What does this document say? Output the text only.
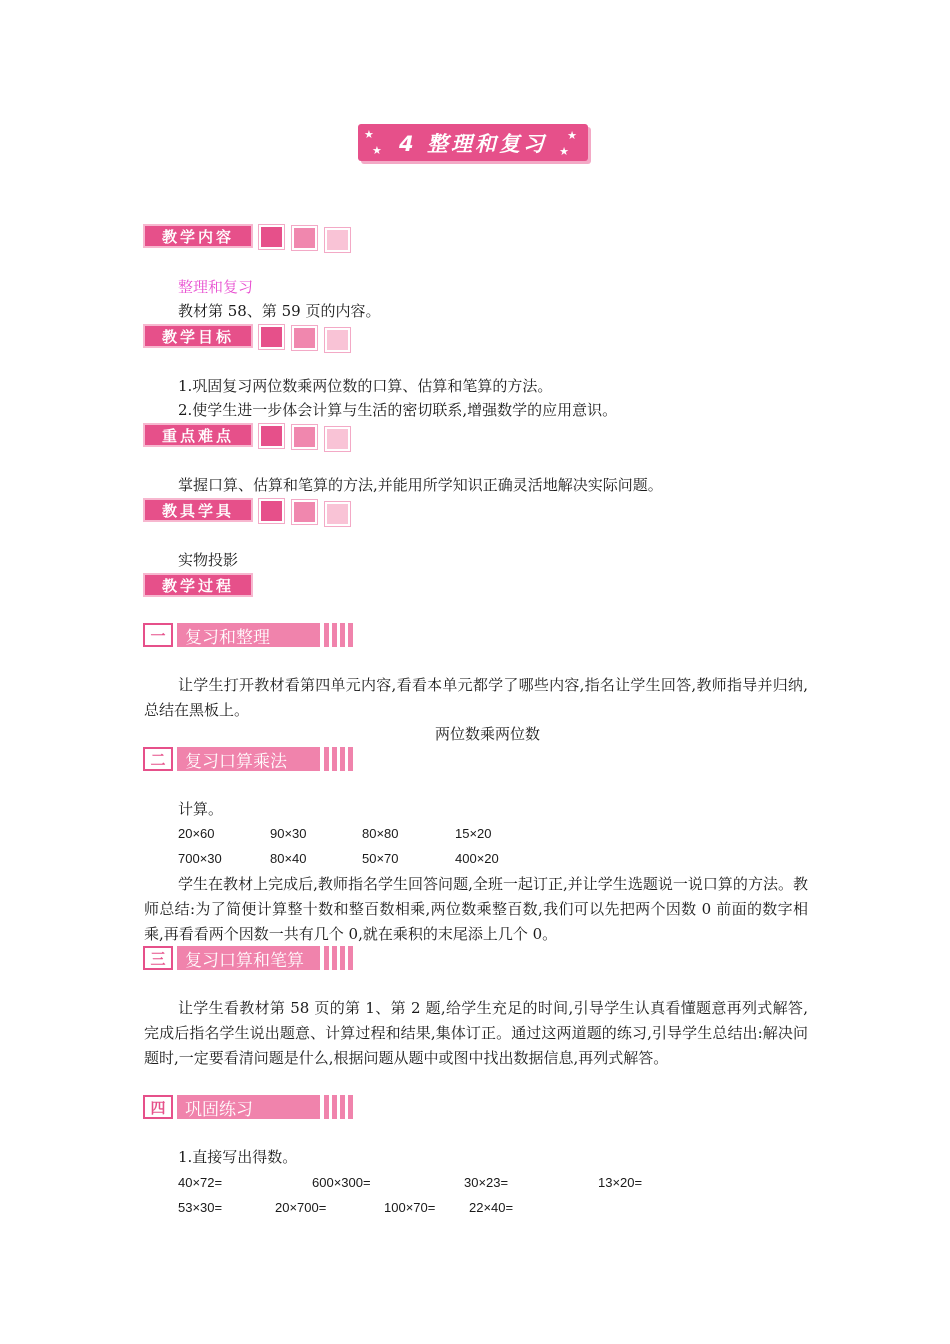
★
★
★
★
4 整理和复习
教学内容
整理和复习
教材第 58、第 59 页的内容。
教学目标
1.巩固复习两位数乘两位数的口算、估算和笔算的方法。
2.使学生进一步体会计算与生活的密切联系,增强数学的应用意识。
重点难点
掌握口算、估算和笔算的方法,并能用所学知识正确灵活地解决实际问题。
教具学具
实物投影
教学过程
一	复习和整理
让学生打开教材看第四单元内容,看看本单元都学了哪些内容,指名让学生回答,教师指导并归纳,总结在黑板上。
两位数乘两位数
二	复习口算乘法
计算。
20×60	90×30	80×80	15×20
700×30	80×40	50×70	400×20
学生在教材上完成后,教师指名学生回答问题,全班一起订正,并让学生选题说一说口算的方法。教师总结:为了简便计算整十数和整百数相乘,两位数乘整百数,我们可以先把两个因数 0 前面的数字相乘,再看看两个因数一共有几个 0,就在乘积的末尾添上几个 0。
三	复习口算和笔算
让学生看教材第 58 页的第 1、第 2 题,给学生充足的时间,引导学生认真看懂题意再列式解答,完成后指名学生说出题意、计算过程和结果,集体订正。通过这两道题的练习,引导学生总结出:解决问题时,一定要看清问题是什么,根据问题从题中或图中找出数据信息,再列式解答。
四	巩固练习
1.直接写出得数。
40×72=	600×300=	30×23=	13×20=
53×30=	20×700=	100×70=	22×40=
